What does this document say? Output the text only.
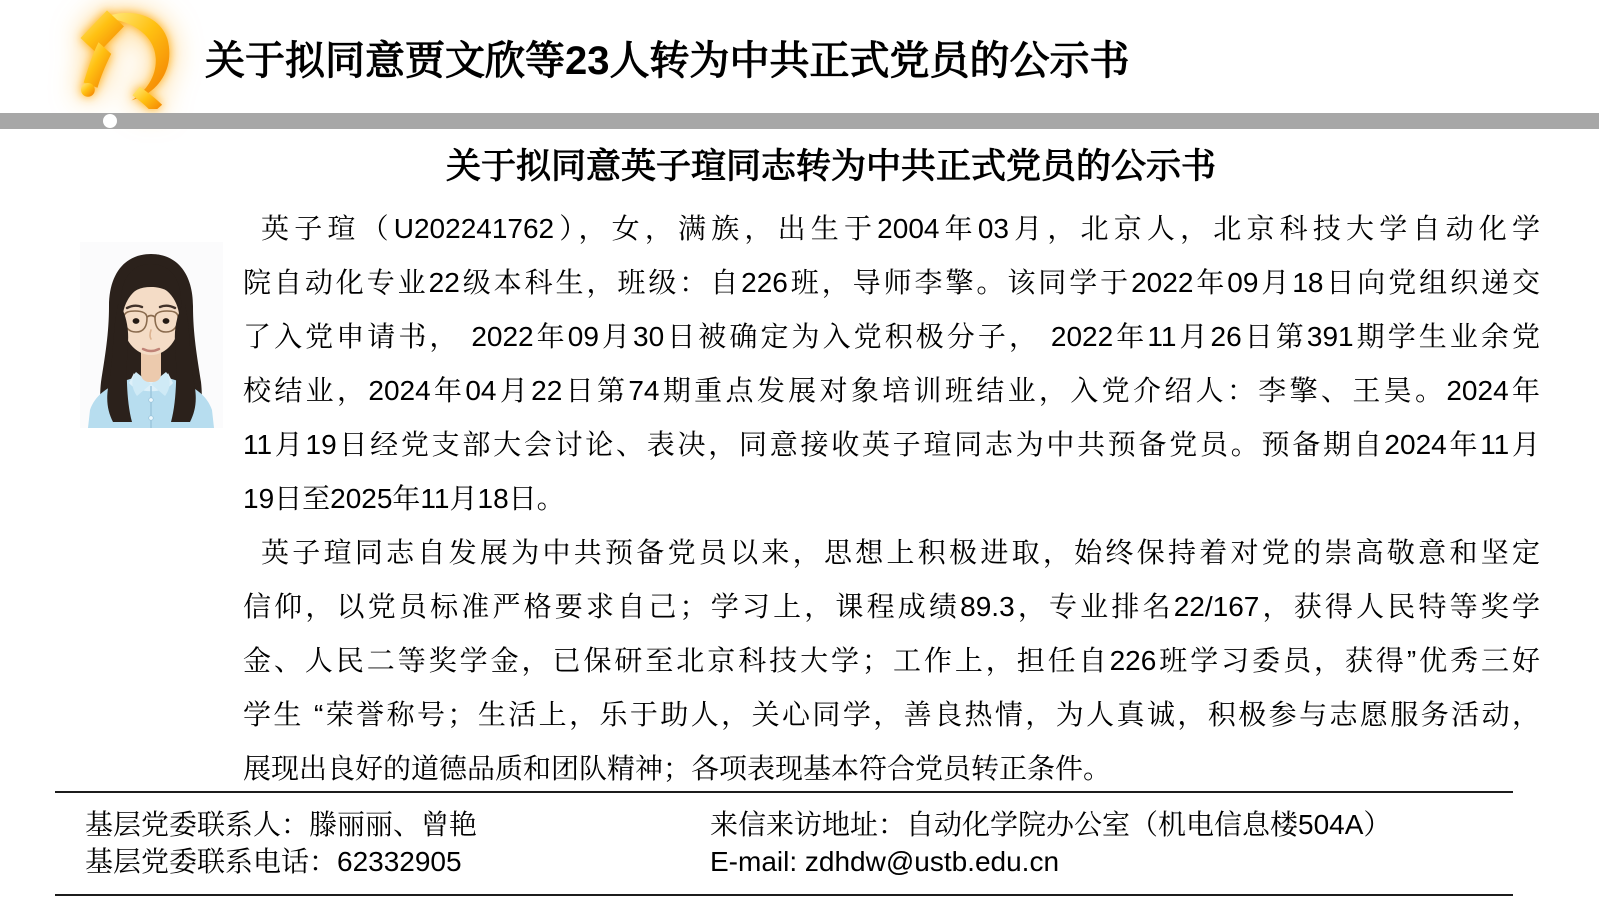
关于拟同意贾文欣等23人转为中共正式党员的公示书
关于拟同意英子瑄同志转为中共正式党员的公示书
英子瑄（U202241762），女，满族，出生于2004年03月，北京人，北京科技大学自动化学
院自动化专业22级本科生，班级：自226班，导师李擎。该同学于2022年09月18日向党组织递交
了入党申请书， 2022年09月30日被确定为入党积极分子， 2022年11月26日第391期学生业余党
校结业，2024年04月22日第74期重点发展对象培训班结业，入党介绍人：李擎、王昊。2024年
11月19日经党支部大会讨论、表决，同意接收英子瑄同志为中共预备党员。预备期自2024年11月
19日至2025年11月18日。
英子瑄同志自发展为中共预备党员以来，思想上积极进取，始终保持着对党的崇高敬意和坚定
信仰，以党员标准严格要求自己；学习上，课程成绩89.3，专业排名22/167，获得人民特等奖学
金、人民二等奖学金，已保研至北京科技大学；工作上，担任自226班学习委员，获得”优秀三好
学生 “荣誉称号；生活上，乐于助人，关心同学，善良热情，为人真诚，积极参与志愿服务活动，
展现出良好的道德品质和团队精神；各项表现基本符合党员转正条件。
基层党委联系人：滕丽丽、曾艳
基层党委联系电话：62332905
来信来访地址：自动化学院办公室（机电信息楼504A）
E-mail: zdhdw@ustb.edu.cn
